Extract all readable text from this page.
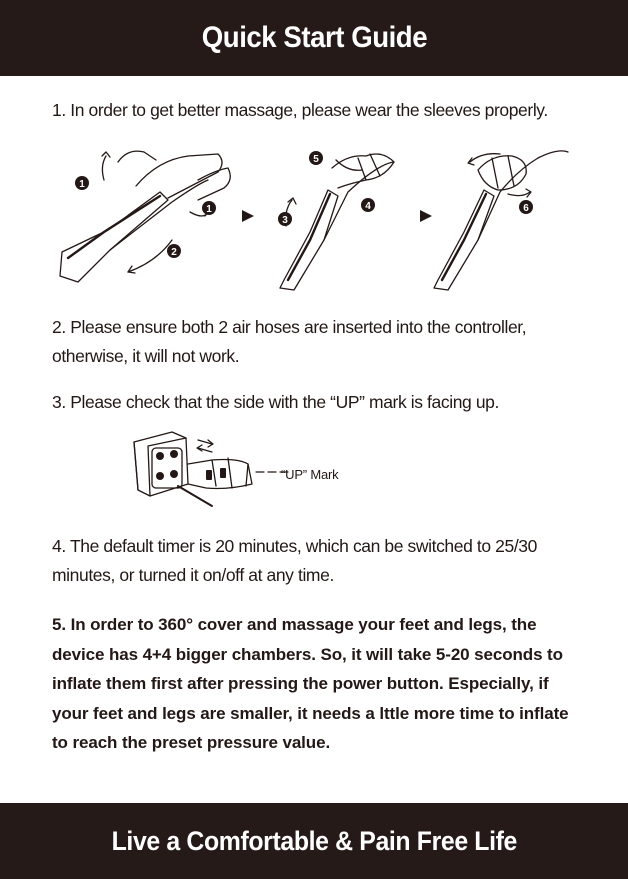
Quick Start Guide
1. In order to get better massage, please wear the sleeves properly.
1
1
2
3
4
5
6
2. Please ensure both 2 air hoses are inserted into the controller, otherwise, it will not work.
3. Please check that the side with the “UP” mark is facing up.
“UP” Mark
4. The default timer is 20 minutes, which can be switched to 25/30 minutes, or turned it on/off at any time.
5. In order to 360° cover and massage your feet and legs, the device has 4+4 bigger chambers. So, it will take 5-20 seconds to inflate them first after pressing the power button. Especially, if your feet and legs are smaller, it needs a lttle more time to inflate to reach the preset pressure value.
Live a Comfortable & Pain Free Life
